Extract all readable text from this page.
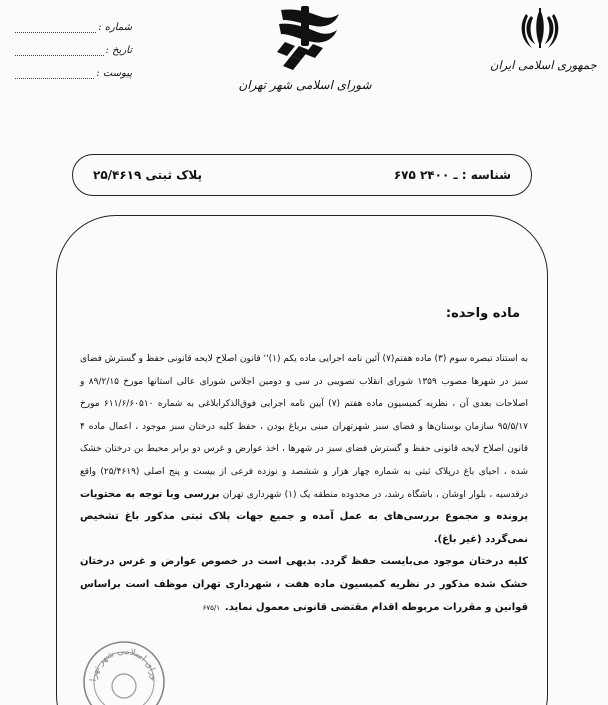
شماره :
تاریخ :
پیوست :
شورای اسلامی شهر تهران
جمهوری اسلامی ایران
شناسه : ۶۷۵ ـ ۲۴۰۰
پلاک ثبتی ۲۵/۴۶۱۹
ماده واحده:
به استناد تبصره سوم (۳) ماده هفتم(۷) آئین نامه اجرایی ماده یکم (۱)'' قانون اصلاح لایحه قانونی حفظ و گسترش فضای سبز در شهرها مصوب ۱۳۵۹ شورای انقلاب تصویبی در سی و دومین اجلاس شورای عالی استانها مورخ ۸۹/۲/۱۵ و اصلاحات بعدی آن ، نظریه کمیسیون ماده هفتم (۷) آیین نامه اجرایی فوق‌الذکرابلاغی به شماره ۶۱۱/۶/۶۰۵۱۰ مورخ ۹۵/۵/۱۷ سازمان بوستان‌ها و فضای سبز شهرتهران مبنی برباغ بودن ، حفظ کلیه درختان سبز موجود ، اعمال ماده ۴ قانون اصلاح لایحه قانونی حفظ و گسترش فضای سبز در شهرها ، اخذ عوارض و غرس دو برابر محیط بن درختان خشک شده ، احیای باغ درپلاک ثبتی به شماره چهار هزار و ششصد و نوزده فرعی از بیست و پنج اصلی (۲۵/۴۶۱۹) واقع درقدسیه ، بلوار اوشان ، باشگاه رشد، در محدوده منطقه یک (۱) شهرداری تهران بررسی وبا توجه به محتویات پرونده و مجموع بررسی‌های به عمل آمده و جمیع جهات پلاک ثبتی مذکور باغ تشخیص نمی‌گردد (غیر باغ).
کلیه درختان موجود می‌بایست حفظ گردد. بدیهی است در خصوص عوارض و غرس درختان خشک شده مذکور در نظریه کمیسیون ماده هفت ، شهرداری تهران موظف است براساس قوانین و مقررات مربوطه اقدام مقتضی قانونی معمول نماید. ۶۷۵/۱
ورای اسلامی شهر تهرا
